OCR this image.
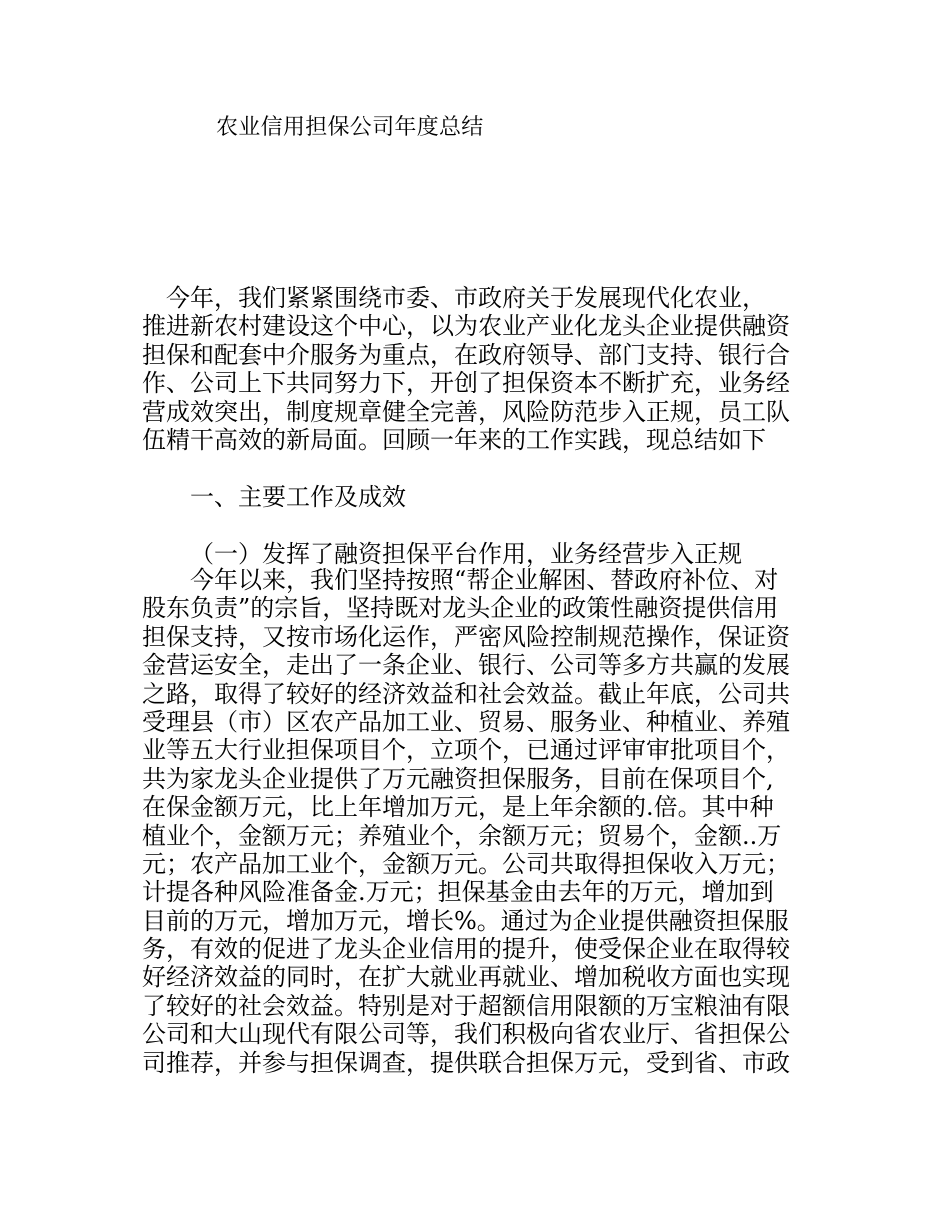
农业信用担保公司年度总结

　今年，我们紧紧围绕市委、市政府关于发展现代化农业，
推进新农村建设这个中心，以为农业产业化龙头企业提供融资
担保和配套中介服务为重点，在政府领导、部门支持、银行合
作、公司上下共同努力下，开创了担保资本不断扩充，业务经
营成效突出，制度规章健全完善，风险防范步入正规，员工队
伍精干高效的新局面。回顾一年来的工作实践，现总结如下

一、主要工作及成效
（一）发挥了融资担保平台作用，业务经营步入正规

今年以来，我们坚持按照“帮企业解困、替政府补位、对
股东负责”的宗旨，坚持既对龙头企业的政策性融资提供信用
担保支持，又按市场化运作，严密风险控制规范操作，保证资
金营运安全，走出了一条企业、银行、公司等多方共赢的发展
之路，取得了较好的经济效益和社会效益。截止年底，公司共
受理县（市）区农产品加工业、贸易、服务业、种植业、养殖
业等五大行业担保项目个，立项个，已通过评审审批项目个，
共为家龙头企业提供了万元融资担保服务，目前在保项目个,
在保金额万元，比上年增加万元，是上年余额的.倍。其中种
植业个，金额万元；养殖业个，余额万元；贸易个，金额..万
元；农产品加工业个，金额万元。公司共取得担保收入万元；
计提各种风险准备金.万元；担保基金由去年的万元，增加到
目前的万元，增加万元，增长%。通过为企业提供融资担保服
务，有效的促进了龙头企业信用的提升，使受保企业在取得较
好经济效益的同时，在扩大就业再就业、增加税收方面也实现
了较好的社会效益。特别是对于超额信用限额的万宝粮油有限
公司和大山现代有限公司等，我们积极向省农业厅、省担保公
司推荐，并参与担保调查，提供联合担保万元，受到省、市政
